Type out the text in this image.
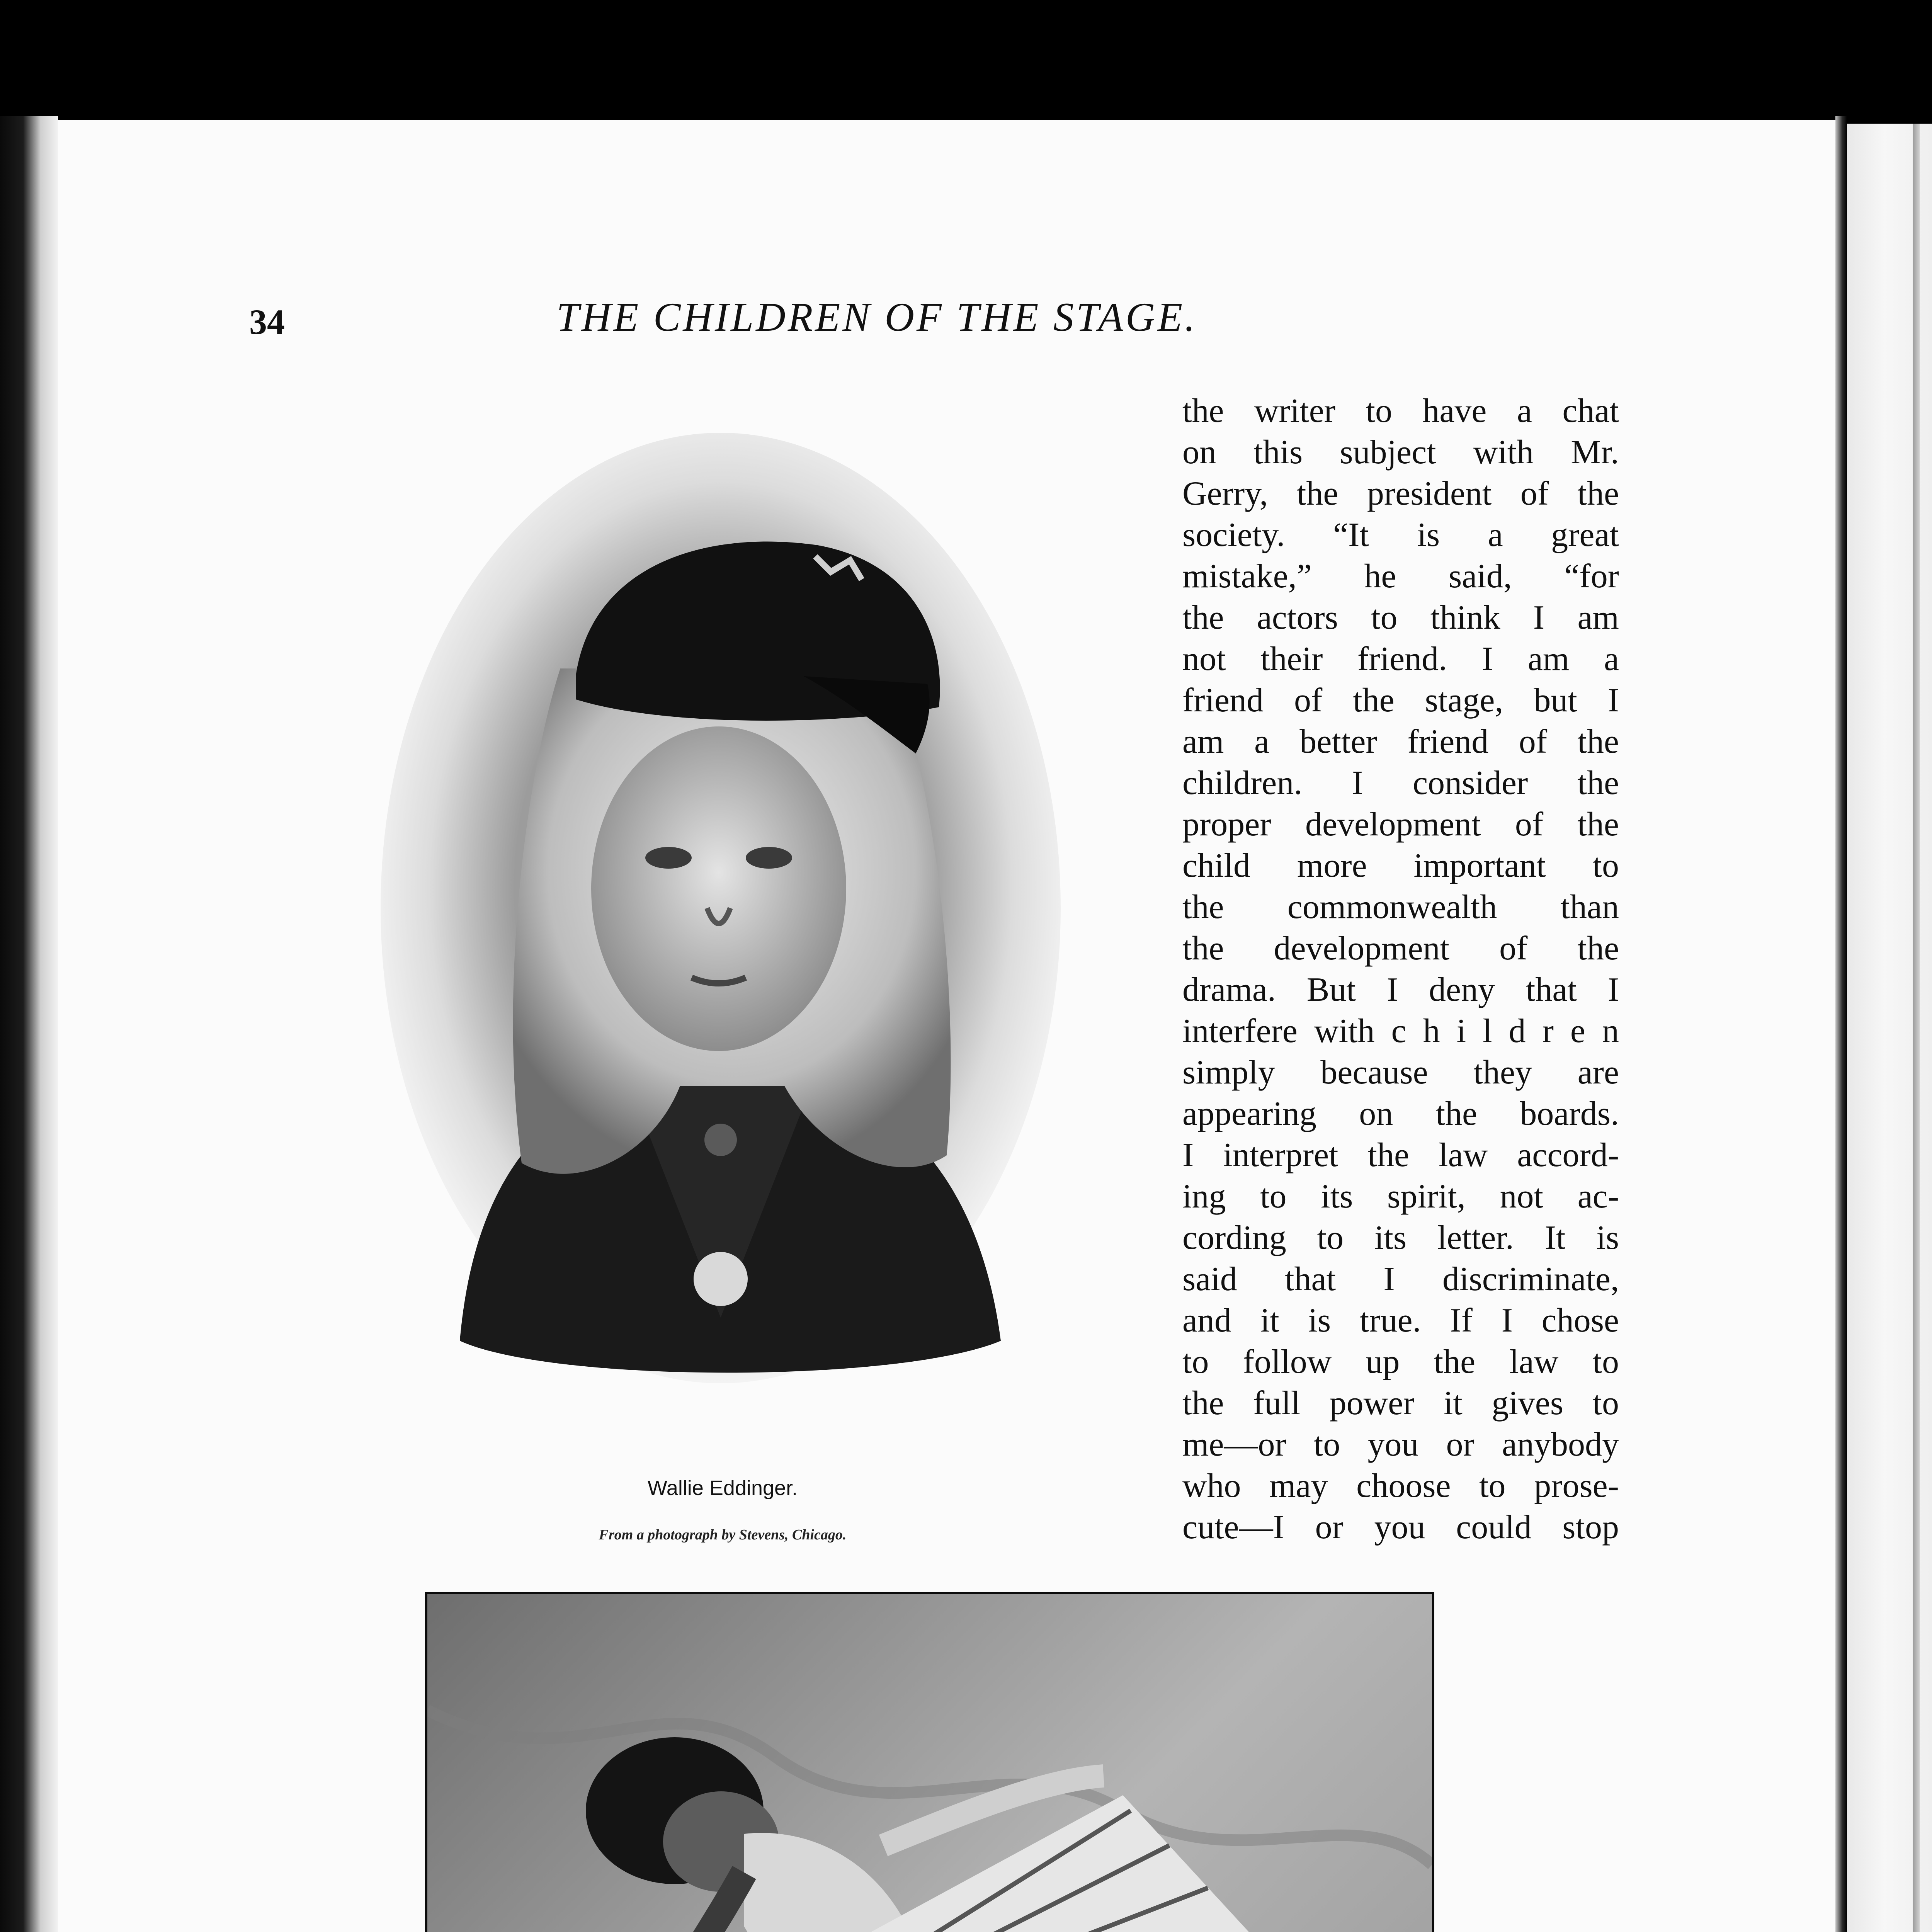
34	THE CHILDREN OF THE STAGE.
Wallie Eddinger.
From a photograph by Stevens, Chicago.
the writer to have a chat
on this subject with Mr.
Gerry, the president of the
society. “It is a great
mistake,” he said, “for
the actors to think I am
not their friend. I am a
friend of the stage, but I
am a better friend of the
children. I consider the
proper development of the
child more important to
the commonwealth than
the development of the
drama. But I deny that I
interfere with c h i l d r e n
simply because they are
appearing on the boards.
I interpret the law accord-
ing to its spirit, not ac-
cording to its letter. It is
said that I discriminate,
and it is true. If I chose
to follow up the law to
the full power it gives to
me—or to you or anybody
who may choose to prose-
cute—I or you could stop
